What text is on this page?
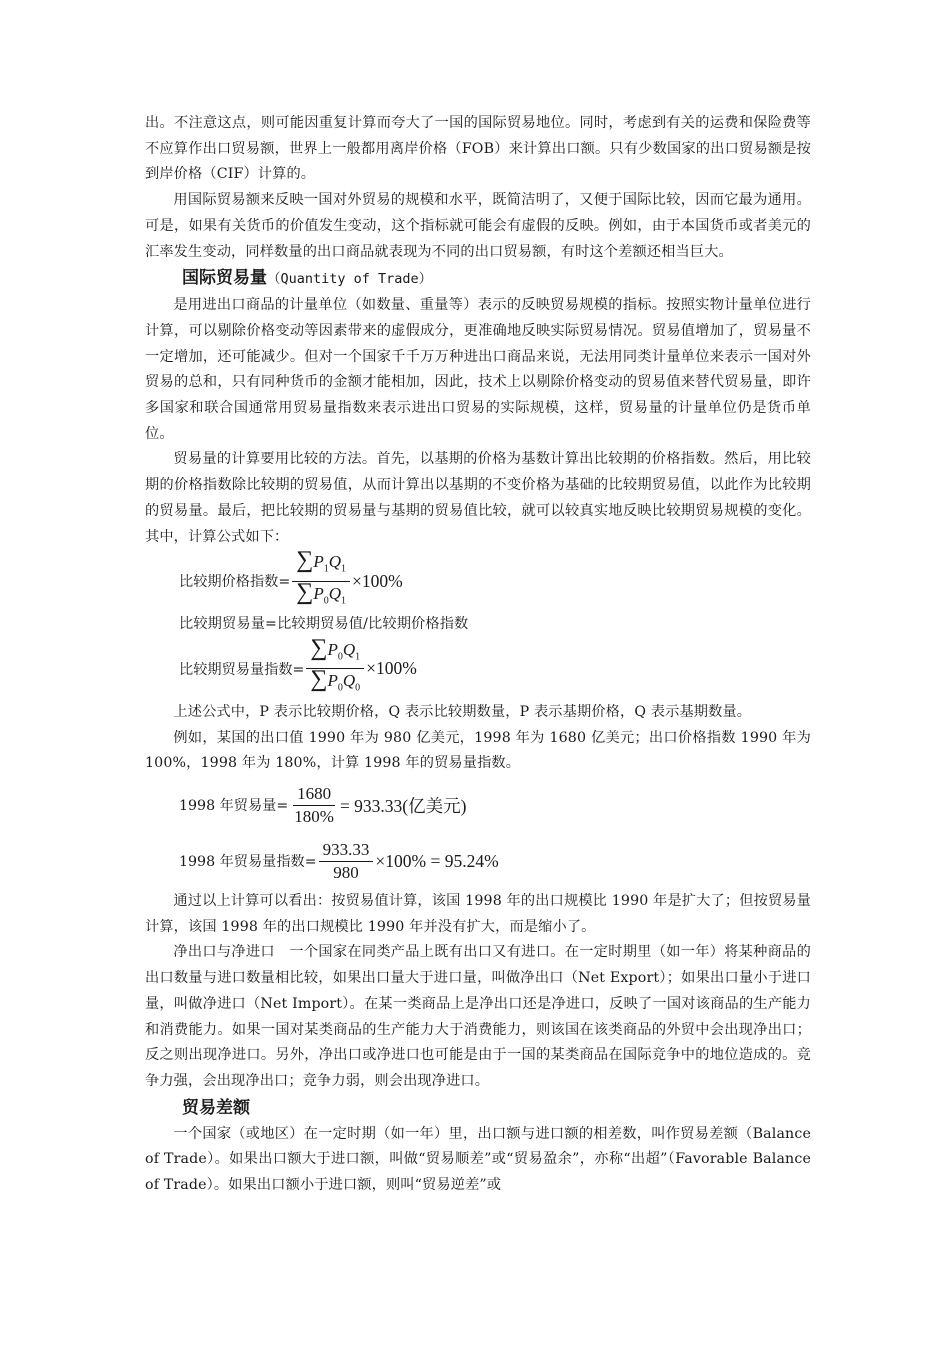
出。不注意这点，则可能因重复计算而夸大了一国的国际贸易地位。同时，考虑到有关的运费和保险费等不应算作出口贸易额，世界上一般都用离岸价格（FOB）来计算出口额。只有少数国家的出口贸易额是按到岸价格（CIF）计算的。

用国际贸易额来反映一国对外贸易的规模和水平，既简洁明了，又便于国际比较，因而它最为通用。可是，如果有关货币的价值发生变动，这个指标就可能会有虚假的反映。例如，由于本国货币或者美元的汇率发生变动，同样数量的出口商品就表现为不同的出口贸易额，有时这个差额还相当巨大。

国际贸易量（Quantity of Trade）

是用进出口商品的计量单位（如数量、重量等）表示的反映贸易规模的指标。按照实物计量单位进行计算，可以剔除价格变动等因素带来的虚假成分，更准确地反映实际贸易情况。贸易值增加了，贸易量不一定增加，还可能减少。但对一个国家千千万万种进出口商品来说，无法用同类计量单位来表示一国对外贸易的总和，只有同种货币的金额才能相加，因此，技术上以剔除价格变动的贸易值来替代贸易量，即许多国家和联合国通常用贸易量指数来表示进出口贸易的实际规模，这样，贸易量的计量单位仍是货币单位。

贸易量的计算要用比较的方法。首先，以基期的价格为基数计算出比较期的价格指数。然后，用比较期的价格指数除比较期的贸易值，从而计算出以基期的不变价格为基础的比较期贸易值，以此作为比较期的贸易量。最后，把比较期的贸易量与基期的贸易值比较，就可以较真实地反映比较期贸易规模的变化。其中，计算公式如下：

比较期价格指数= $\frac{\sum P_1Q_1}{\sum P_0Q_1} \times 100\%$

比较期贸易量=比较期贸易值/比较期价格指数

比较期贸易量指数= $\frac{\sum P_0Q_1}{\sum P_0Q_0} \times 100\%$

上述公式中，P 表示比较期价格，Q 表示比较期数量，P 表示基期价格，Q 表示基期数量。

例如，某国的出口值 1990 年为 980 亿美元，1998 年为 1680 亿美元；出口价格指数 1990 年为 100%，1998 年为 180%，计算 1998 年的贸易量指数。

1998 年贸易量= $\frac{1680}{180\%} = 933.33$(亿美元)
1998 年贸易量指数= $\frac{933.33}{980} \times 100\% = 95.24\%$

通过以上计算可以看出：按贸易值计算，该国 1998 年的出口规模比 1990 年是扩大了；但按贸易量计算，该国 1998 年的出口规模比 1990 年并没有扩大，而是缩小了。

净出口与净进口　一个国家在同类产品上既有出口又有进口。在一定时期里（如一年）将某种商品的出口数量与进口数量相比较，如果出口量大于进口量，叫做净出口（Net Export）；如果出口量小于进口量，叫做净进口（Net Import）。在某一类商品上是净出口还是净进口，反映了一国对该商品的生产能力和消费能力。如果一国对某类商品的生产能力大于消费能力，则该国在该类商品的外贸中会出现净出口；反之则出现净进口。另外，净出口或净进口也可能是由于一国的某类商品在国际竞争中的地位造成的。竞争力强，会出现净出口；竞争力弱，则会出现净进口。

贸易差额

一个国家（或地区）在一定时期（如一年）里，出口额与进口额的相差数，叫作贸易差额（Balance of Trade）。如果出口额大于进口额，叫做“贸易顺差”或“贸易盈余”，亦称“出超”（Favorable Balance of Trade）。如果出口额小于进口额，则叫“贸易逆差”或
